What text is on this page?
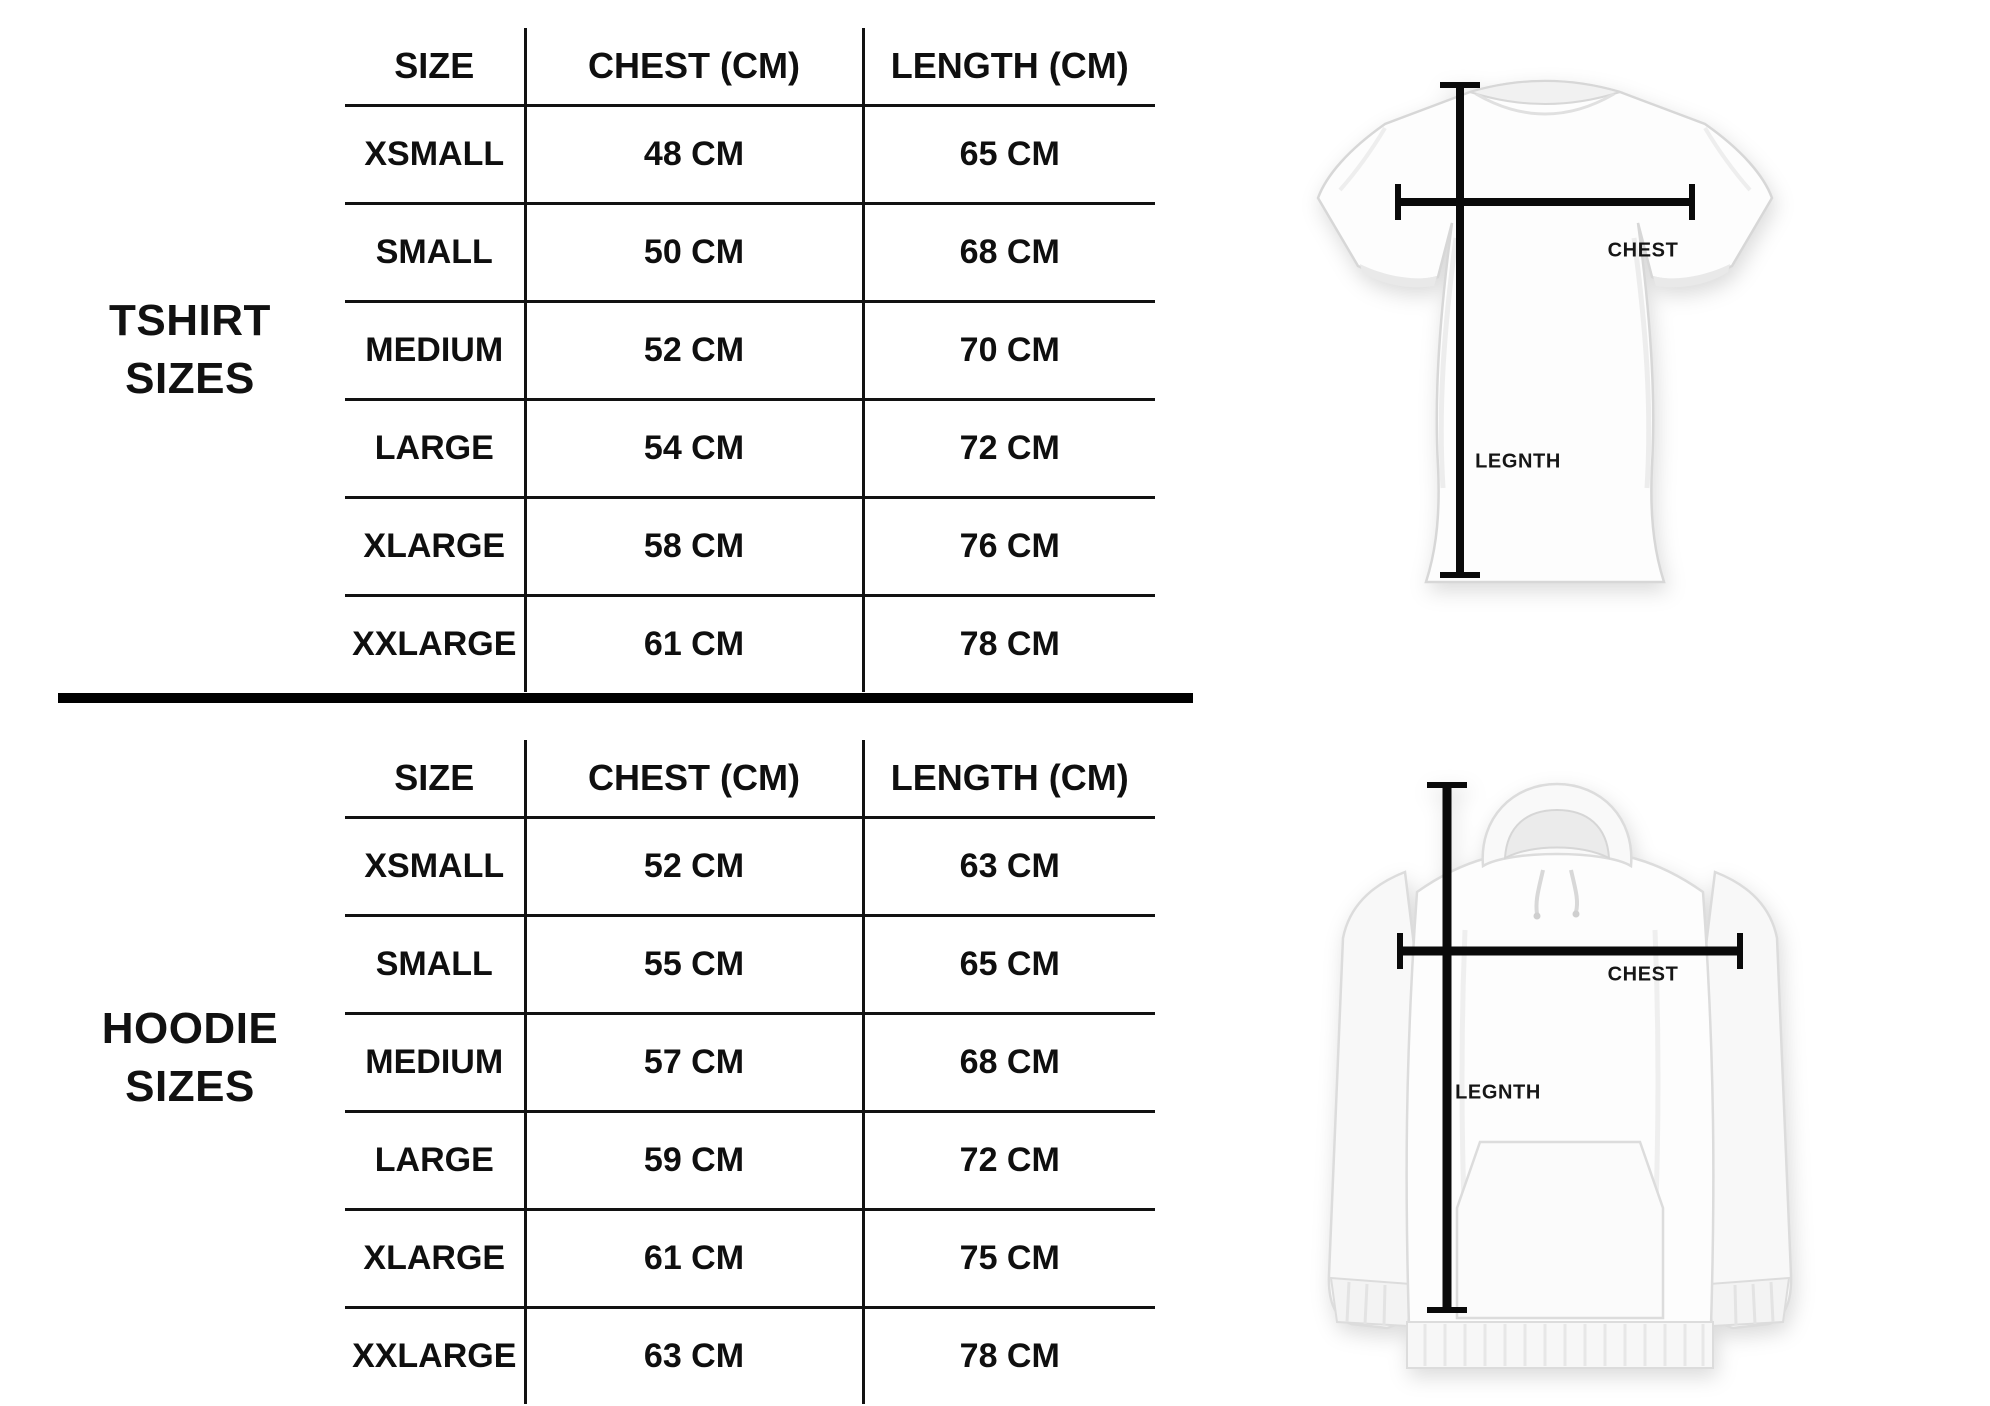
TSHIRT
SIZES
SIZE	CHEST (CM)	LENGTH (CM)
XSMALL	48 CM	65 CM
SMALL	50 CM	68 CM
MEDIUM	52 CM	70 CM
LARGE	54 CM	72 CM
XLARGE	58 CM	76 CM
XXLARGE	61 CM	78 CM
CHEST
LEGNTH
HOODIE
SIZES
SIZE	CHEST (CM)	LENGTH (CM)
XSMALL	52 CM	63 CM
SMALL	55 CM	65 CM
MEDIUM	57 CM	68 CM
LARGE	59 CM	72 CM
XLARGE	61 CM	75 CM
XXLARGE	63 CM	78 CM
CHEST
LEGNTH
